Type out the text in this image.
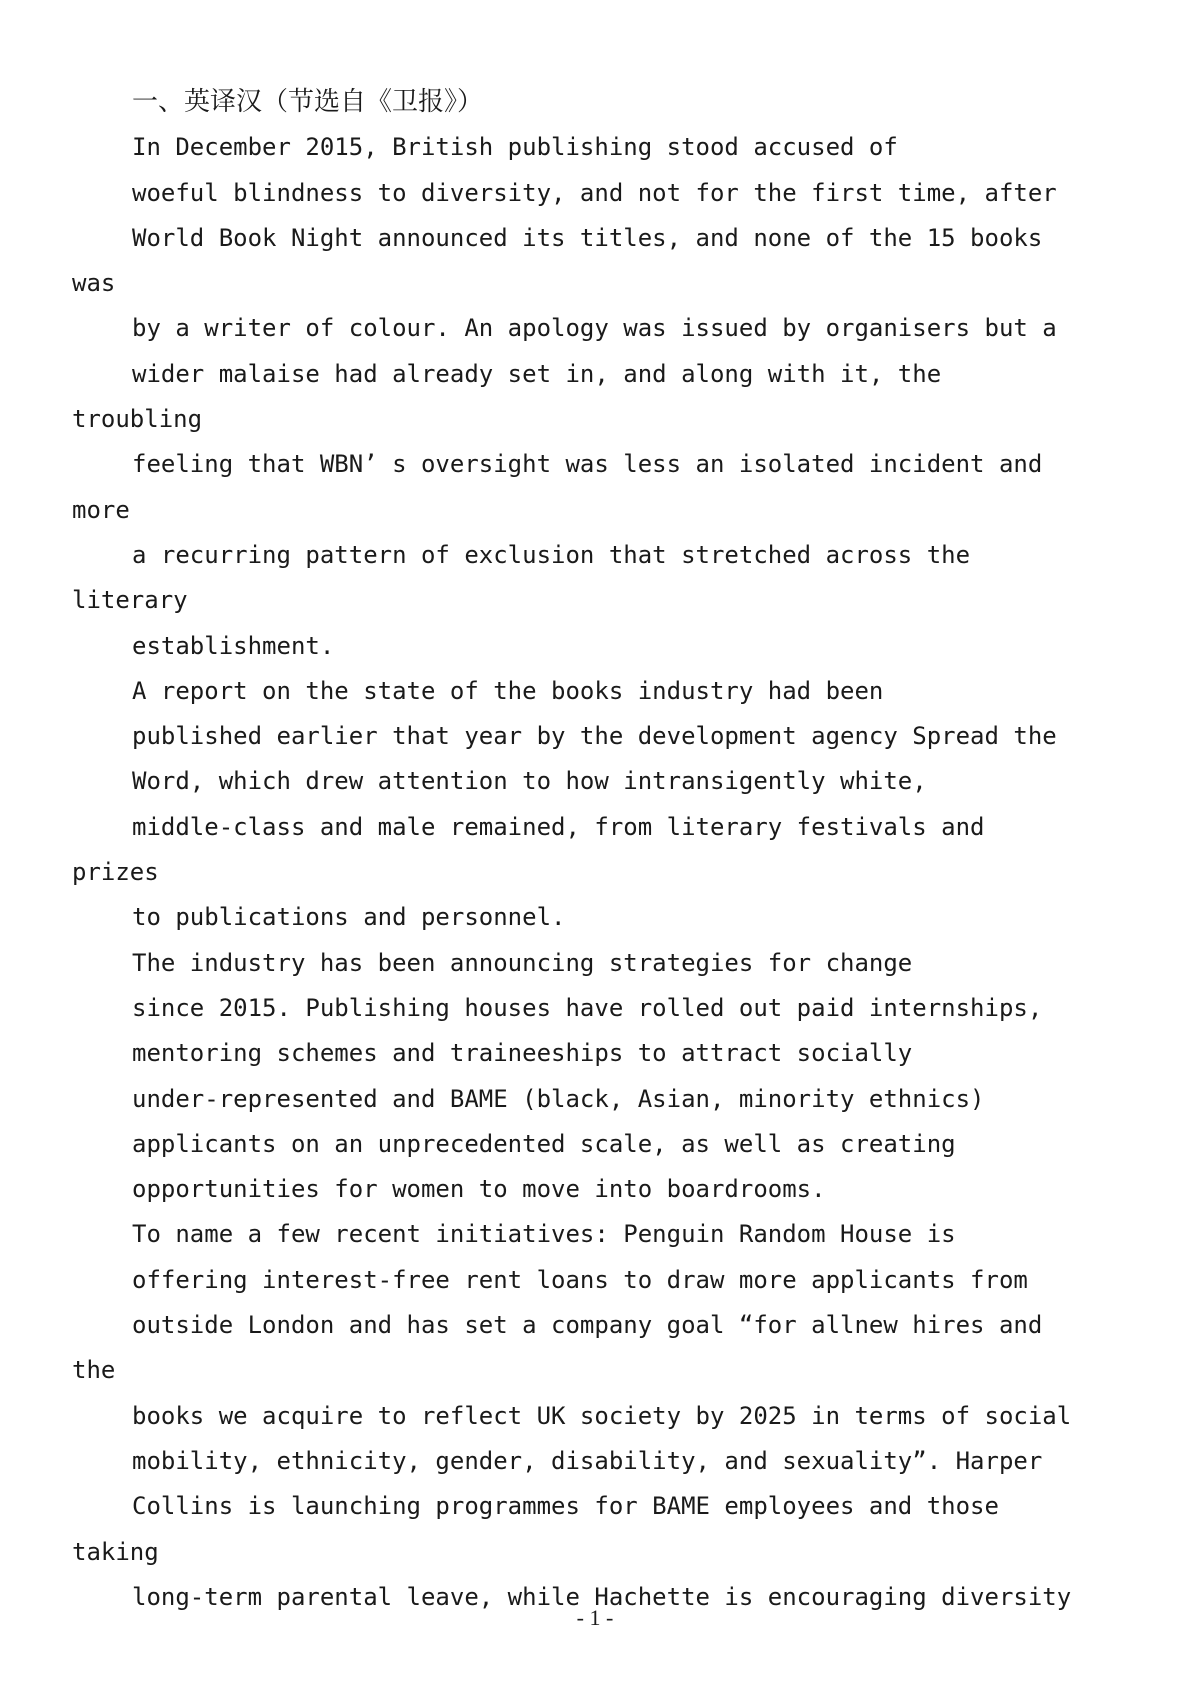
一、英译汉（节选自《卫报》）
In December 2015, British publishing stood accused of
woeful blindness to diversity, and not for the first time, after
World Book Night announced its titles, and none of the 15 books
was
by a writer of colour. An apology was issued by organisers but a
wider malaise had already set in, and along with it, the
troubling
feeling that WBN’ s oversight was less an isolated incident and
more
a recurring pattern of exclusion that stretched across the
literary
establishment.
A report on the state of the books industry had been
published earlier that year by the development agency Spread the
Word, which drew attention to how intransigently white,
middle-class and male remained, from literary festivals and
prizes
to publications and personnel.
The industry has been announcing strategies for change
since 2015. Publishing houses have rolled out paid internships,
mentoring schemes and traineeships to attract socially
under-represented and BAME (black, Asian, minority ethnics)
applicants on an unprecedented scale, as well as creating
opportunities for women to move into boardrooms.
To name a few recent initiatives: Penguin Random House is
offering interest-free rent loans to draw more applicants from
outside London and has set a company goal “for allnew hires and
the
books we acquire to reflect UK society by 2025 in terms of social
mobility, ethnicity, gender, disability, and sexuality”. Harper
Collins is launching programmes for BAME employees and those
taking
long-term parental leave, while Hachette is encouraging diversity
- 1 -
